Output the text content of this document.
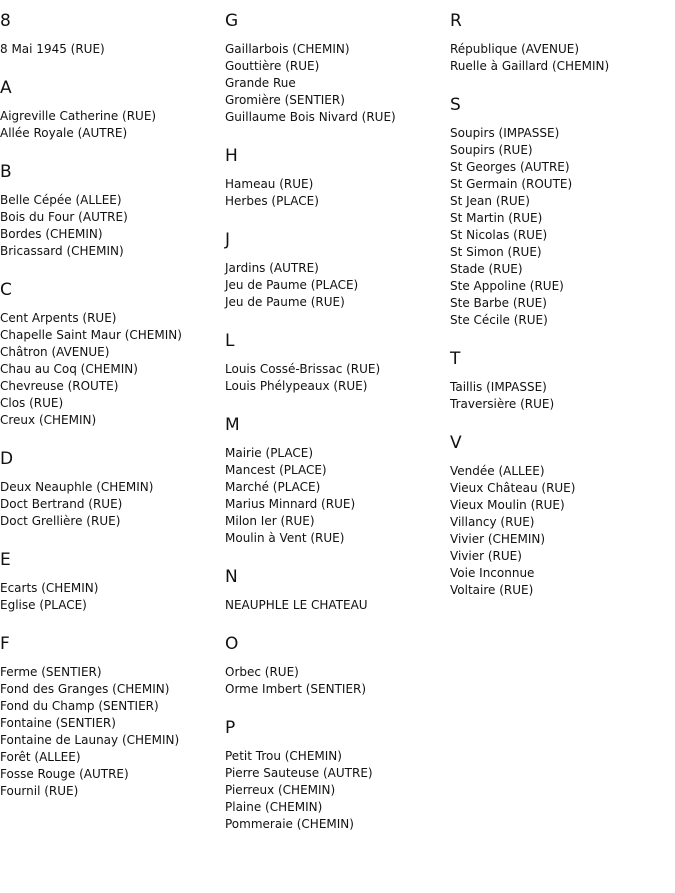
8
8 Mai 1945 (RUE)
A
Aigreville Catherine (RUE)
Allée Royale (AUTRE)
B
Belle Cépée (ALLEE)
Bois du Four (AUTRE)
Bordes (CHEMIN)
Bricassard (CHEMIN)
C
Cent Arpents (RUE)
Chapelle Saint Maur (CHEMIN)
Châtron (AVENUE)
Chau au Coq (CHEMIN)
Chevreuse (ROUTE)
Clos (RUE)
Creux (CHEMIN)
D
Deux Neauphle (CHEMIN)
Doct Bertrand (RUE)
Doct Grellière (RUE)
E
Ecarts (CHEMIN)
Eglise (PLACE)
F
Ferme (SENTIER)
Fond des Granges (CHEMIN)
Fond du Champ (SENTIER)
Fontaine (SENTIER)
Fontaine de Launay (CHEMIN)
Forêt (ALLEE)
Fosse Rouge (AUTRE)
Fournil (RUE)
G
Gaillarbois (CHEMIN)
Gouttière (RUE)
Grande Rue
Gromière (SENTIER)
Guillaume Bois Nivard (RUE)
H
Hameau (RUE)
Herbes (PLACE)
J
Jardins (AUTRE)
Jeu de Paume (PLACE)
Jeu de Paume (RUE)
L
Louis Cossé-Brissac (RUE)
Louis Phélypeaux (RUE)
M
Mairie (PLACE)
Mancest (PLACE)
Marché (PLACE)
Marius Minnard (RUE)
Milon Ier (RUE)
Moulin à Vent (RUE)
N
NEAUPHLE LE CHATEAU
O
Orbec (RUE)
Orme Imbert (SENTIER)
P
Petit Trou (CHEMIN)
Pierre Sauteuse (AUTRE)
Pierreux (CHEMIN)
Plaine (CHEMIN)
Pommeraie (CHEMIN)
R
République (AVENUE)
Ruelle à Gaillard (CHEMIN)
S
Soupirs (IMPASSE)
Soupirs (RUE)
St Georges (AUTRE)
St Germain (ROUTE)
St Jean (RUE)
St Martin (RUE)
St Nicolas (RUE)
St Simon (RUE)
Stade (RUE)
Ste Appoline (RUE)
Ste Barbe (RUE)
Ste Cécile (RUE)
T
Taillis (IMPASSE)
Traversière (RUE)
V
Vendée (ALLEE)
Vieux Château (RUE)
Vieux Moulin (RUE)
Villancy (RUE)
Vivier (CHEMIN)
Vivier (RUE)
Voie Inconnue
Voltaire (RUE)
